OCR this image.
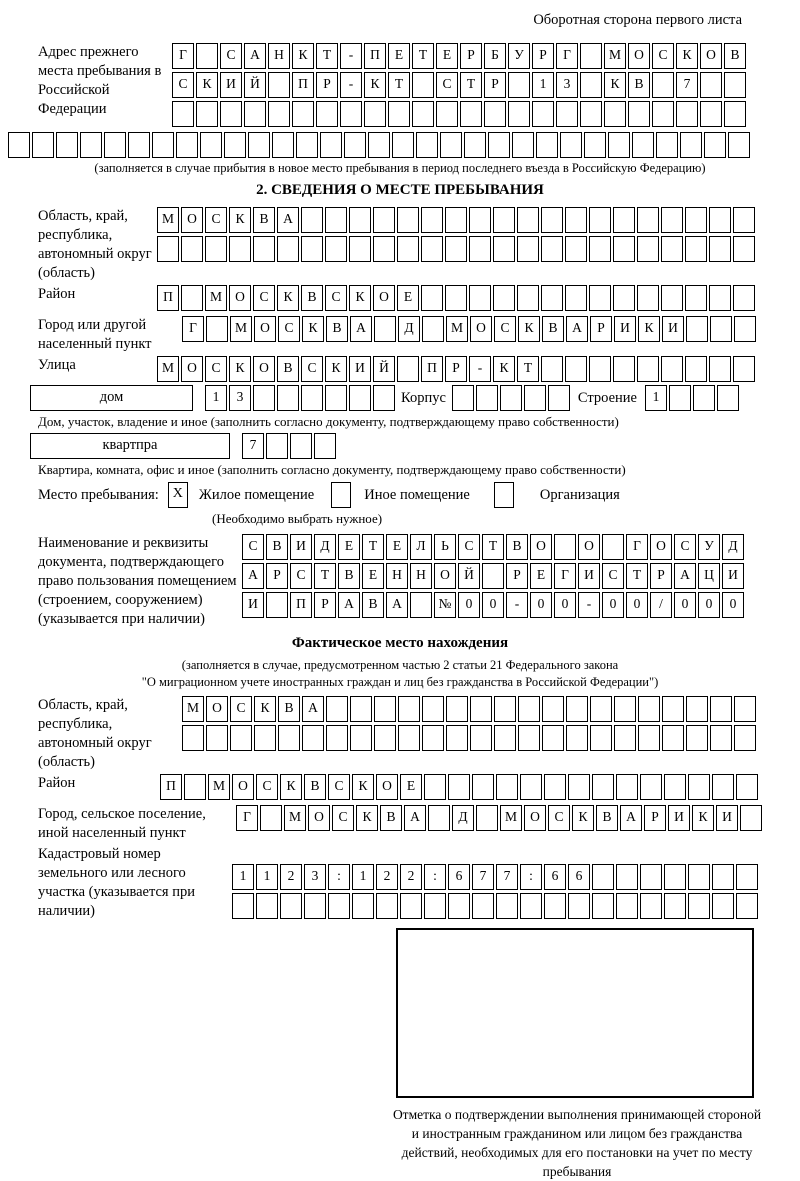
Оборотная сторона первого листа
Адрес прежнего места пребывания в Российской Федерации
Г	С	А	Н	К	Т	-	П	Е	Т	Е	Р	Б	У	Р	Г	М О	С	К	О	В
С	К	И	Й	П	Р	-	К	Т	С	Т	Р	1	3	К	В	7
(заполняется в случае прибытия в новое место пребывания в период последнего въезда в Российскую Федерацию)
2. СВЕДЕНИЯ О МЕСТЕ ПРЕБЫВАНИЯ
Область, край, республика, автономный округ (область)
М О	С	К	В	А
Район	П	М О	С	К	В	С	К	О	Е
Город или другой населенный пункт
Г	М О	С	К	В	А	Д	М О	С	К	В	А	Р	И	К	И
Улица	М О	С	К	О	В	С	К	И	Й	П	Р	-	К	Т
дом	1	3	Корпус	Строение	1
Дом, участок, владение и иное (заполнить согласно документу, подтверждающему право собственности)
квартпра	7
Квартира, комната, офис и иное (заполнить согласно документу, подтверждающему право собственности)
Место пребывания: X	Жилое помещение	Иное помещение	Организация
(Необходимо выбрать нужное)
Наименование и реквизиты документа, подтверждающего право пользования помещением (строением, сооружением) (указывается при наличии)
С	В	И	Д	Е	Т	Е	Л	Ь	С	Т	В	О	О	Г	О	С	У	Д
А	Р	С	Т	В	Е	Н	Н	О	Й	Р	Е	Г	И	С	Т	Р	А	Ц	И
И	П	Р	А	В	А	№	0	0	-	0	0	-	0	0	/	0	0	0
Фактическое место нахождения
(заполняется в случае, предусмотренном частью 2 статьи 21 Федерального закона
"О миграционном учете иностранных граждан и лиц без гражданства в Российской Федерации")
Область, край, республика, автономный округ (область)
М О	С	К	В	А
Район	П	М О	С	К	В	С	К	О	Е
Город, сельское поселение, иной населенный пункт
Г	М О	С	К	В	А	Д	М О	С	К	В	А	Р	И	К	И
Кадастровый номер земельного или лесного участка (указывается при наличии)
1	1	2	3	:	1	2	2	:	6	7	7	:	6	6
Отметка о подтверждении выполнения принимающей стороной и иностранным гражданином или лицом без гражданства действий, необходимых для его постановки на учет по месту пребывания
